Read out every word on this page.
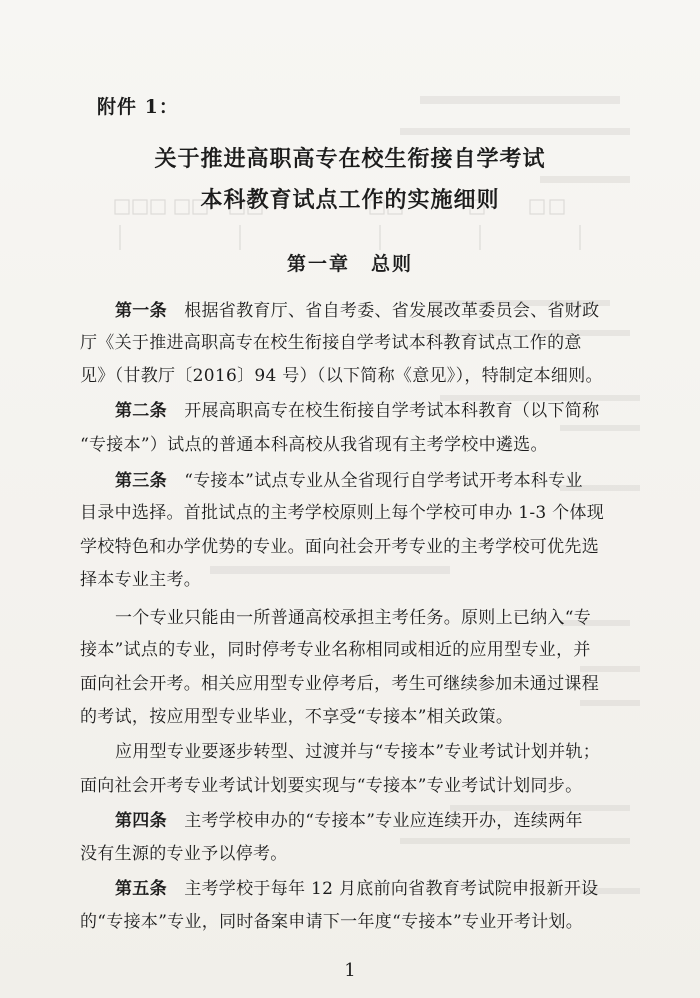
附件 1：
关于推进高职高专在校生衔接自学考试
本科教育试点工作的实施细则
第一章　总则
第一条　根据省教育厅、省自考委、省发展改革委员会、省财政
厅《关于推进高职高专在校生衔接自学考试本科教育试点工作的意
见》（甘教厅〔2016〕94 号）（以下简称《意见》），特制定本细则。
第二条　开展高职高专在校生衔接自学考试本科教育（以下简称
“专接本”）试点的普通本科高校从我省现有主考学校中遴选。
第三条　“专接本”试点专业从全省现行自学考试开考本科专业
目录中选择。首批试点的主考学校原则上每个学校可申办 1-3 个体现
学校特色和办学优势的专业。面向社会开考专业的主考学校可优先选
择本专业主考。
一个专业只能由一所普通高校承担主考任务。原则上已纳入“专
接本”试点的专业，同时停考专业名称相同或相近的应用型专业，并
面向社会开考。相关应用型专业停考后，考生可继续参加未通过课程
的考试，按应用型专业毕业，不享受“专接本”相关政策。
应用型专业要逐步转型、过渡并与“专接本”专业考试计划并轨；
面向社会开考专业考试计划要实现与“专接本”专业考试计划同步。
第四条　主考学校申办的“专接本”专业应连续开办，连续两年
没有生源的专业予以停考。
第五条　主考学校于每年 12 月底前向省教育考试院申报新开设
的“专接本”专业，同时备案申请下一年度“专接本”专业开考计划。
1
